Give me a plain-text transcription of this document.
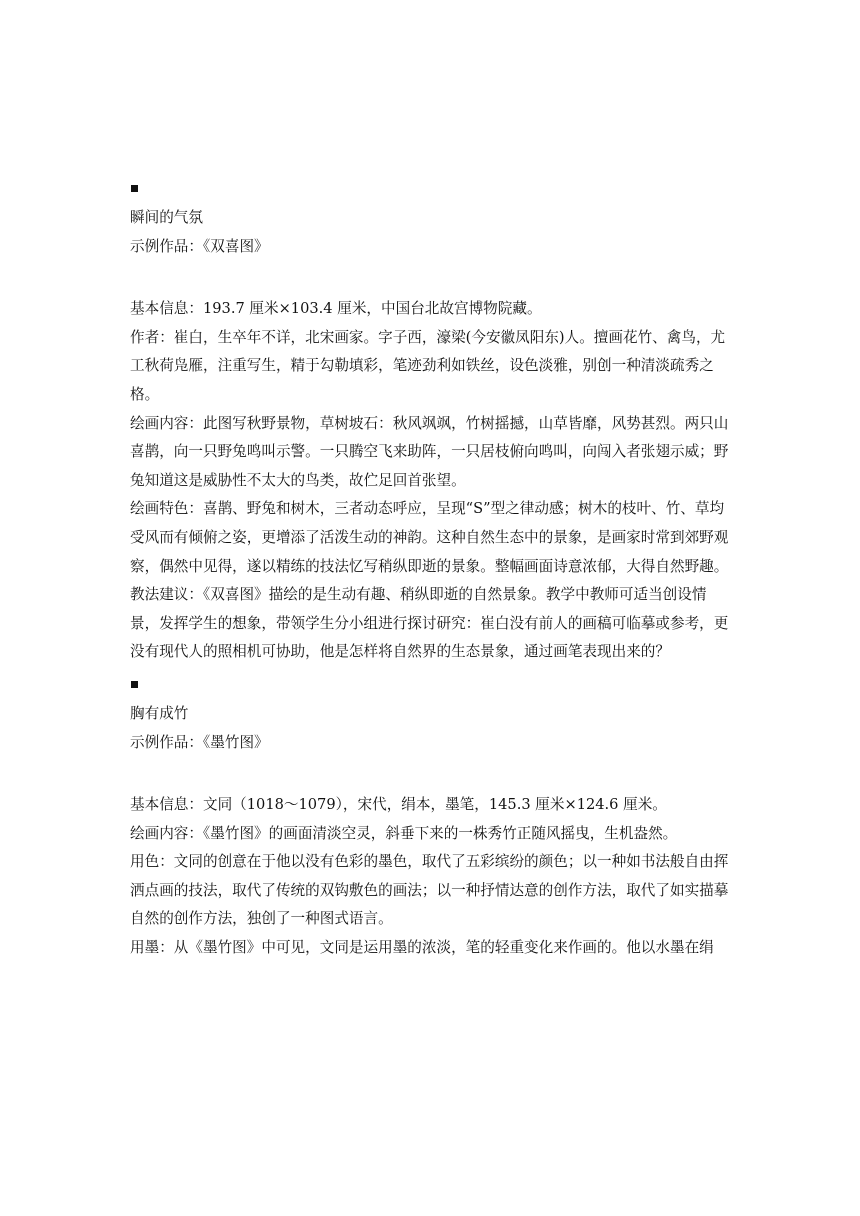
瞬间的气氛

示例作品：《双喜图》

基本信息：193.7 厘米×103.4 厘米，中国台北故宫博物院藏。

作者：崔白，生卒年不详，北宋画家。字子西，濠梁(今安徽凤阳东)人。擅画花竹、禽鸟，尤工秋荷凫雁，注重写生，精于勾勒填彩，笔迹劲利如铁丝，设色淡雅，别创一种清淡疏秀之格。

绘画内容：此图写秋野景物，草树坡石：秋风飒飒，竹树摇撼，山草皆靡，风势甚烈。两只山喜鹊，向一只野兔鸣叫示警。一只腾空飞来助阵，一只居枝俯向鸣叫，向闯入者张翅示威；野兔知道这是威胁性不太大的鸟类，故伫足回首张望。

绘画特色：喜鹊、野兔和树木，三者动态呼应，呈现“S”型之律动感；树木的枝叶、竹、草均受风而有倾俯之姿，更增添了活泼生动的神韵。这种自然生态中的景象，是画家时常到郊野观察，偶然中见得，遂以精练的技法忆写稍纵即逝的景象。整幅画面诗意浓郁，大得自然野趣。

教法建议：《双喜图》描绘的是生动有趣、稍纵即逝的自然景象。教学中教师可适当创设情景，发挥学生的想象，带领学生分小组进行探讨研究：崔白没有前人的画稿可临摹或参考，更没有现代人的照相机可协助，他是怎样将自然界的生态景象，通过画笔表现出来的？

胸有成竹

示例作品：《墨竹图》

基本信息：文同（1018～1079），宋代，绢本，墨笔，145.3 厘米×124.6 厘米。

绘画内容：《墨竹图》的画面清淡空灵，斜垂下来的一株秀竹正随风摇曳，生机盎然。

用色：文同的创意在于他以没有色彩的墨色，取代了五彩缤纷的颜色；以一种如书法般自由挥洒点画的技法，取代了传统的双钩敷色的画法；以一种抒情达意的创作方法，取代了如实描摹自然的创作方法，独创了一种图式语言。

用墨：从《墨竹图》中可见，文同是运用墨的浓淡，笔的轻重变化来作画的。他以水墨在绢
